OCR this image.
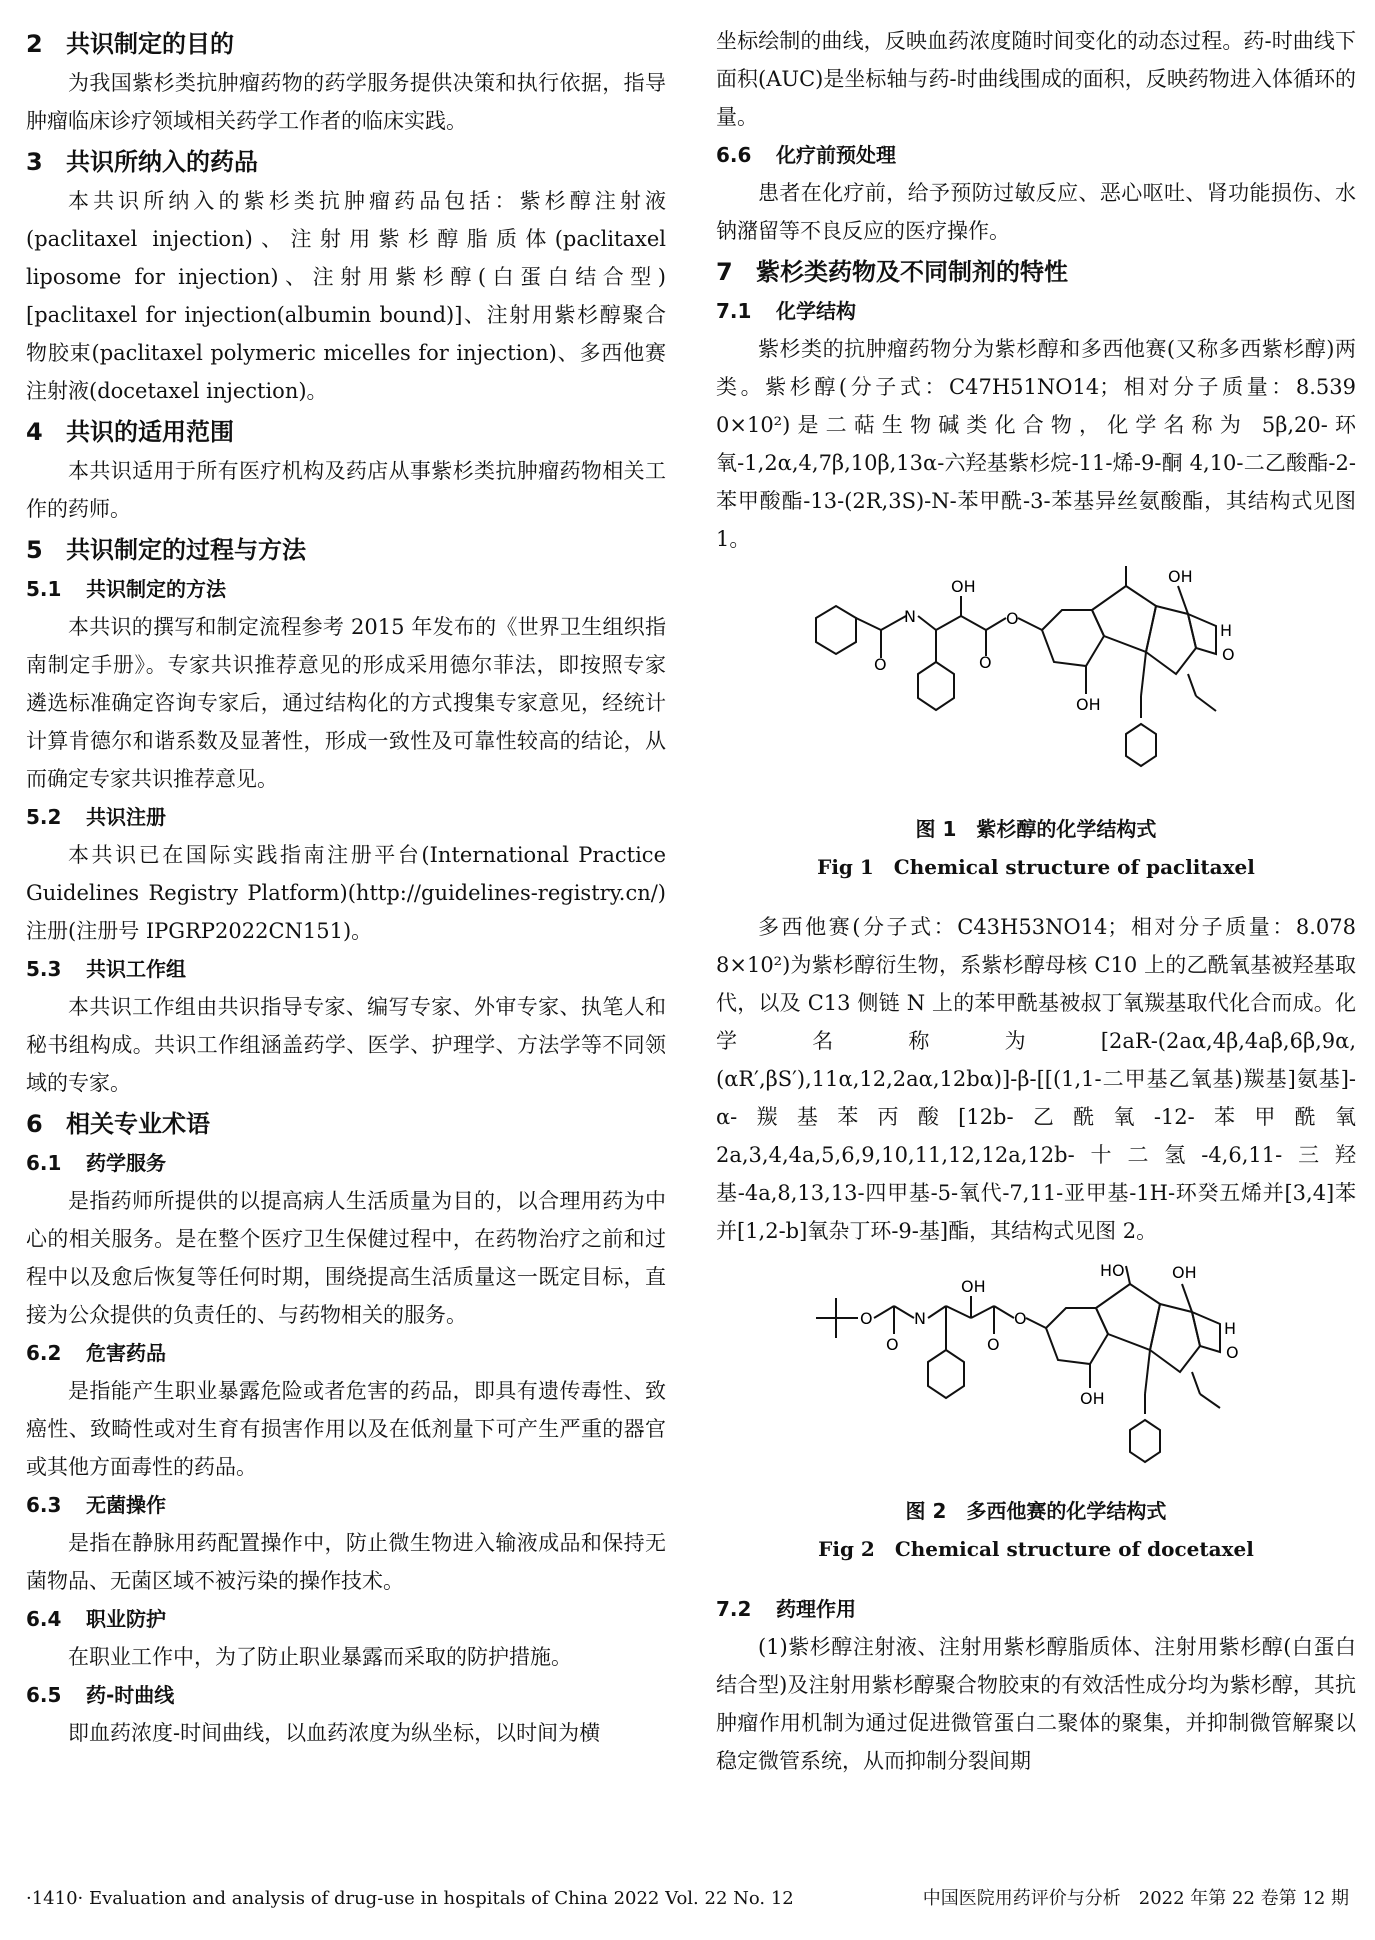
2 共识制定的目的

为我国紫杉类抗肿瘤药物的药学服务提供决策和执行依据，指导肿瘤临床诊疗领域相关药学工作者的临床实践。

3 共识所纳入的药品

本共识所纳入的紫杉类抗肿瘤药品包括：紫杉醇注射液(paclitaxel injection)、注射用紫杉醇脂质体(paclitaxel liposome for injection)、注射用紫杉醇(白蛋白结合型)[paclitaxel for injection(albumin bound)]、注射用紫杉醇聚合物胶束(paclitaxel polymeric micelles for injection)、多西他赛注射液(docetaxel injection)。

4 共识的适用范围

本共识适用于所有医疗机构及药店从事紫杉类抗肿瘤药物相关工作的药师。

5 共识制定的过程与方法
5.1 共识制定的方法

本共识的撰写和制定流程参考 2015 年发布的《世界卫生组织指南制定手册》。专家共识推荐意见的形成采用德尔菲法，即按照专家遴选标准确定咨询专家后，通过结构化的方式搜集专家意见，经统计计算肯德尔和谐系数及显著性，形成一致性及可靠性较高的结论，从而确定专家共识推荐意见。

5.2 共识注册

本共识已在国际实践指南注册平台(International Practice Guidelines Registry Platform)(http://guidelines-registry.cn/)注册(注册号 IPGRP2022CN151)。

5.3 共识工作组

本共识工作组由共识指导专家、编写专家、外审专家、执笔人和秘书组构成。共识工作组涵盖药学、医学、护理学、方法学等不同领域的专家。

6 相关专业术语
6.1 药学服务

是指药师所提供的以提高病人生活质量为目的，以合理用药为中心的相关服务。是在整个医疗卫生保健过程中，在药物治疗之前和过程中以及愈后恢复等任何时期，围绕提高生活质量这一既定目标，直接为公众提供的负责任的、与药物相关的服务。

6.2 危害药品

是指能产生职业暴露危险或者危害的药品，即具有遗传毒性、致癌性、致畸性或对生育有损害作用以及在低剂量下可产生严重的器官或其他方面毒性的药品。

6.3 无菌操作

是指在静脉用药配置操作中，防止微生物进入输液成品和保持无菌物品、无菌区域不被污染的操作技术。

6.4 职业防护

在职业工作中，为了防止职业暴露而采取的防护措施。

6.5 药-时曲线

即血药浓度-时间曲线，以血药浓度为纵坐标，以时间为横

坐标绘制的曲线，反映血药浓度随时间变化的动态过程。药-时曲线下面积(AUC)是坐标轴与药-时曲线围成的面积，反映药物进入体循环的量。

6.6 化疗前预处理

患者在化疗前，给予预防过敏反应、恶心呕吐、肾功能损伤、水钠潴留等不良反应的医疗操作。

7 紫杉类药物及不同制剂的特性
7.1 化学结构

紫杉类的抗肿瘤药物分为紫杉醇和多西他赛(又称多西紫杉醇)两类。紫杉醇(分子式：C47H51NO14；相对分子质量：8.539 0×10²)是二萜生物碱类化合物，化学名称为 5β,20-环氧-1,2α,4,7β,10β,13α-六羟基紫杉烷-11-烯-9-酮 4,10-二乙酸酯-2-苯甲酸酯-13-(2R,3S)-N-苯甲酰-3-苯基异丝氨酸酯，其结构式见图 1。

N
O
OH
O
O
OH
OH
H
O
图 1　紫杉醇的化学结构式
Fig 1　Chemical structure of paclitaxel

多西他赛(分子式：C43H53NO14；相对分子质量：8.078 8×10²)为紫杉醇衍生物，系紫杉醇母核 C10 上的乙酰氧基被羟基取代，以及 C13 侧链 N 上的苯甲酰基被叔丁氧羰基取代化合而成。化学名称为[2aR-(2aα,4β,4aβ,6β,9α,(αR′,βS′),11α,12,2aα,12bα)]-β-[[(1,1-二甲基乙氧基)羰基]氨基]-α-羰基苯丙酸[12b-乙酰氧-12-苯甲酰氧 2a,3,4,4a,5,6,9,10,11,12,12a,12b-十二氢-4,6,11-三羟基-4a,8,13,13-四甲基-5-氧代-7,11-亚甲基-1H-环癸五烯并[3,4]苯并[1,2-b]氧杂丁环-9-基]酯，其结构式见图 2。

O
O
N
OH
O
O
HO	OH
OH
H
O
图 2　多西他赛的化学结构式
Fig 2　Chemical structure of docetaxel
7.2 药理作用

(1)紫杉醇注射液、注射用紫杉醇脂质体、注射用紫杉醇(白蛋白结合型)及注射用紫杉醇聚合物胶束的有效活性成分均为紫杉醇，其抗肿瘤作用机制为通过促进微管蛋白二聚体的聚集，并抑制微管解聚以稳定微管系统，从而抑制分裂间期

·1410· Evaluation and analysis of drug-use in hospitals of China 2022 Vol. 22 No. 12	中国医院用药评价与分析　2022 年第 22 卷第 12 期
